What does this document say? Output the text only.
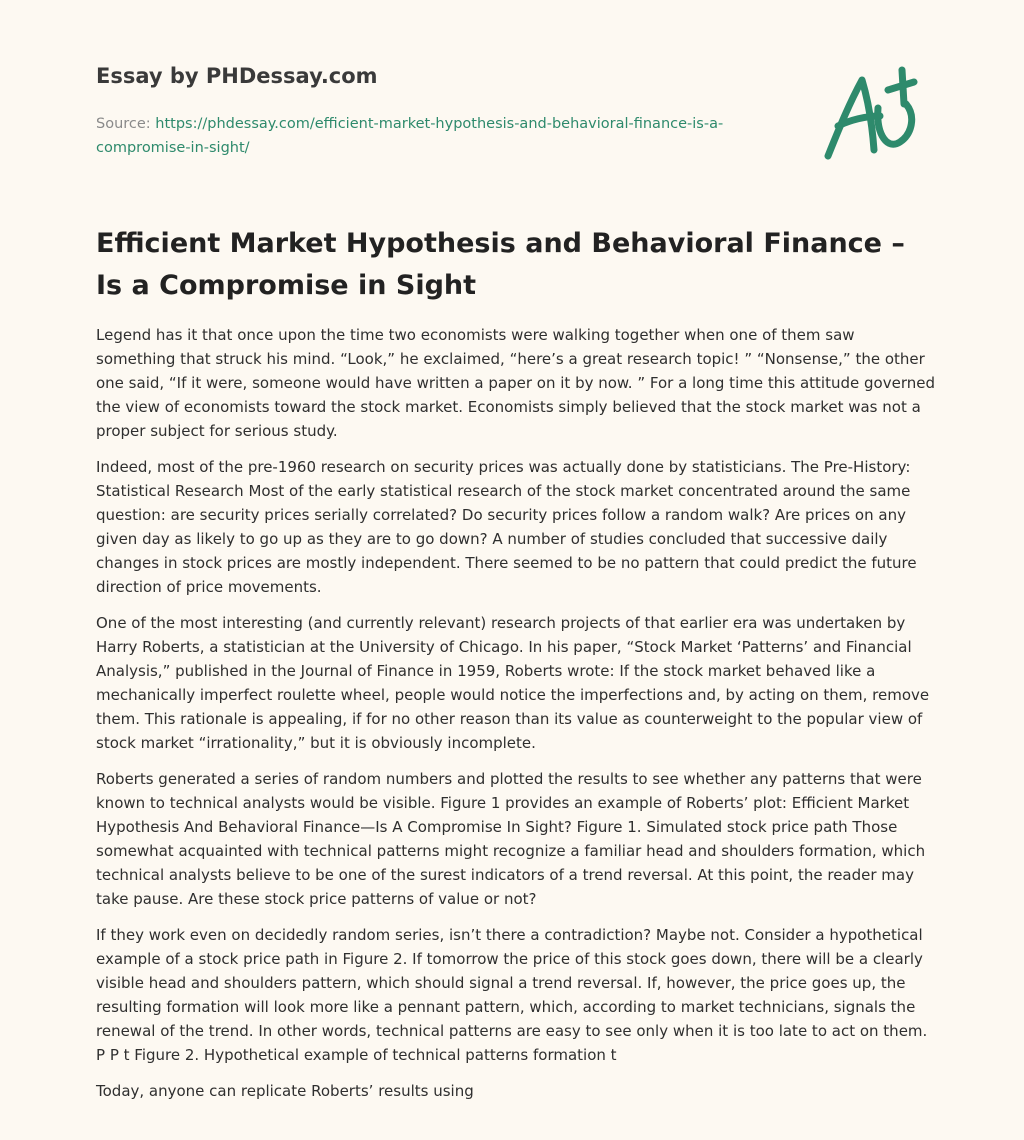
Essay by PHDessay.com

Source: https://phdessay.com/efficient-market-hypothesis-and-behavioral-finance-is-a-compromise-in-sight/

Efficient Market Hypothesis and Behavioral Finance – Is a Compromise in Sight

Legend has it that once upon the time two economists were walking together when one of them saw something that struck his mind. “Look,” he exclaimed, “here’s a great research topic! ” “Nonsense,” the other one said, “If it were, someone would have written a paper on it by now. ” For a long time this attitude governed the view of economists toward the stock market. Economists simply believed that the stock market was not a proper subject for serious study.

Indeed, most of the pre-1960 research on security prices was actually done by statisticians. The Pre-History: Statistical Research Most of the early statistical research of the stock market concentrated around the same question: are security prices serially correlated? Do security prices follow a random walk? Are prices on any given day as likely to go up as they are to go down? A number of studies concluded that successive daily changes in stock prices are mostly independent. There seemed to be no pattern that could predict the future direction of price movements.

One of the most interesting (and currently relevant) research projects of that earlier era was undertaken by Harry Roberts, a statistician at the University of Chicago. In his paper, “Stock Market ‘Patterns’ and Financial Analysis,” published in the Journal of Finance in 1959, Roberts wrote: If the stock market behaved like a mechanically imperfect roulette wheel, people would notice the imperfections and, by acting on them, remove them. This rationale is appealing, if for no other reason than its value as counterweight to the popular view of stock market “irrationality,” but it is obviously incomplete.

Roberts generated a series of random numbers and plotted the results to see whether any patterns that were known to technical analysts would be visible. Figure 1 provides an example of Roberts’ plot: Efficient Market Hypothesis And Behavioral Finance—Is A Compromise In Sight? Figure 1. Simulated stock price path Those somewhat acquainted with technical patterns might recognize a familiar head and shoulders formation, which technical analysts believe to be one of the surest indicators of a trend reversal. At this point, the reader may take pause. Are these stock price patterns of value or not?

If they work even on decidedly random series, isn’t there a contradiction? Maybe not. Consider a hypothetical example of a stock price path in Figure 2. If tomorrow the price of this stock goes down, there will be a clearly visible head and shoulders pattern, which should signal a trend reversal. If, however, the price goes up, the resulting formation will look more like a pennant pattern, which, according to market technicians, signals the renewal of the trend. In other words, technical patterns are easy to see only when it is too late to act on them. P P t Figure 2. Hypothetical example of technical patterns formation t

Today, anyone can replicate Roberts’ results using
